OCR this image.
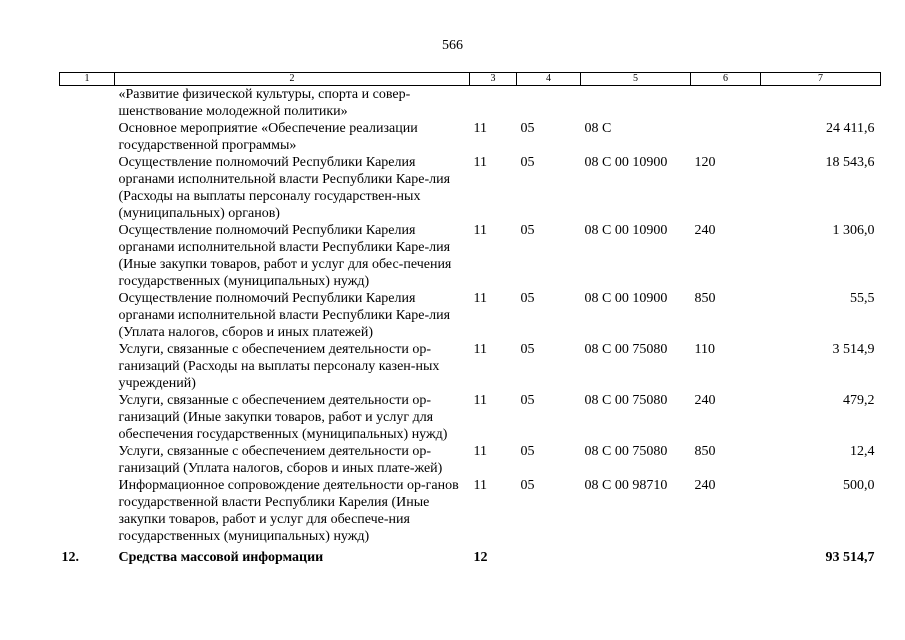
566
1	2	3	4	5	6	7
	«Развитие физической культуры, спорта и совер-шенствование молодежной политики»					
	Основное мероприятие «Обеспечение реализации государственной программы»	11	05	08 С		24 411,6
	Осуществление полномочий Республики Карелия органами исполнительной власти Республики Каре-лия (Расходы на выплаты персоналу государствен-ных (муниципальных) органов)	11	05	08 С 00 10900	120	18 543,6
	Осуществление полномочий Республики Карелия органами исполнительной власти Республики Каре-лия (Иные закупки товаров, работ и услуг для обес-печения государственных (муниципальных) нужд)	11	05	08 С 00 10900	240	1 306,0
	Осуществление полномочий Республики Карелия органами исполнительной власти Республики Каре-лия (Уплата налогов, сборов и иных платежей)	11	05	08 С 00 10900	850	55,5
	Услуги, связанные с обеспечением деятельности ор-ганизаций (Расходы на выплаты персоналу казен-ных учреждений)	11	05	08 С 00 75080	110	3 514,9
	Услуги, связанные с обеспечением деятельности ор-ганизаций (Иные закупки товаров, работ и услуг для обеспечения государственных (муниципальных) нужд)	11	05	08 С 00 75080	240	479,2
	Услуги, связанные с обеспечением деятельности ор-ганизаций (Уплата налогов, сборов и иных плате-жей)	11	05	08 С 00 75080	850	12,4
	Информационное сопровождение деятельности ор-ганов государственной власти Республики Карелия (Иные закупки товаров, работ и услуг для обеспече-ния государственных (муниципальных) нужд)	11	05	08 С 00 98710	240	500,0
12.	Средства массовой информации	12				93 514,7
